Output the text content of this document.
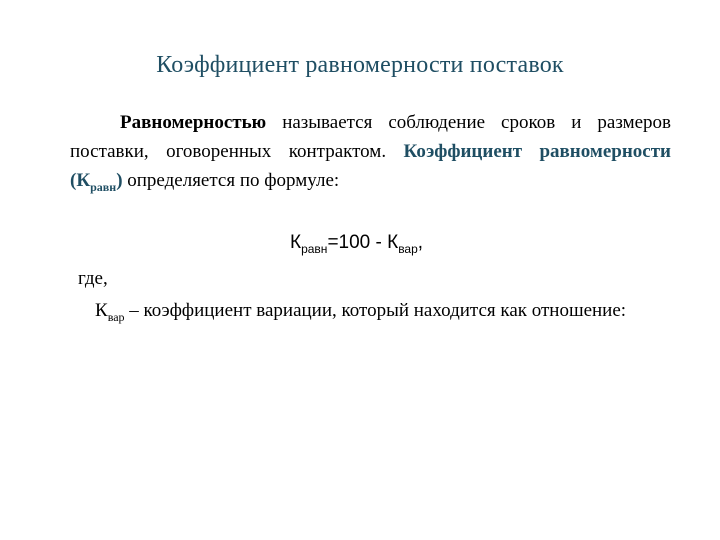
Коэффициент равномерности поставок

Равномерностью называется соблюдение сроков и размеров поставки, оговоренных контрактом. Коэффициент равномерности $(К_{равн})$ определяется по формуле:

$К_{равн}=100 - К_{вар}$,
где,
$К_{вар}$ – коэффициент вариации, который находится как отношение:
